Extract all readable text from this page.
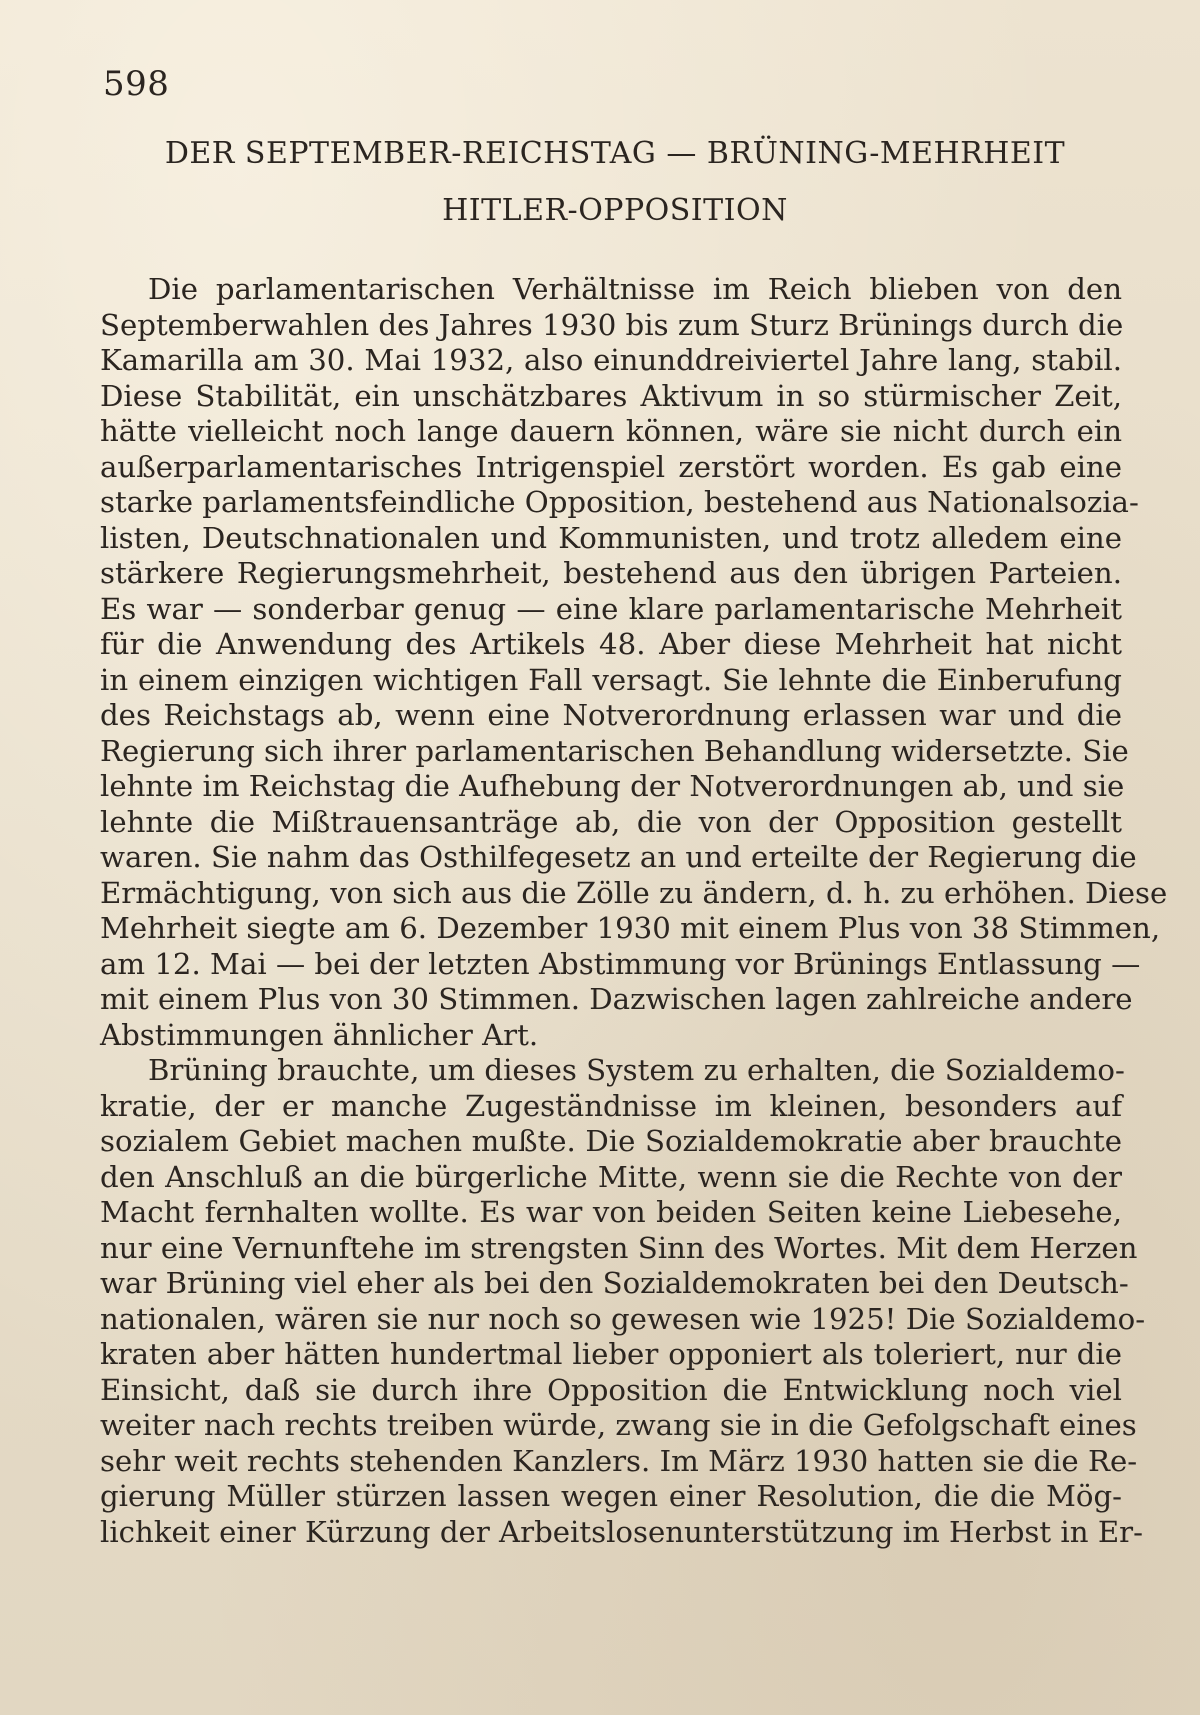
598
DER SEPTEMBER-REICHSTAG — BRÜNING-MEHRHEIT
HITLER-OPPOSITION
Die parlamentarischen Verhältnisse im Reich blieben von den
Septemberwahlen des Jahres 1930 bis zum Sturz Brünings durch die
Kamarilla am 30. Mai 1932, also einunddreiviertel Jahre lang, stabil.
Diese Stabilität, ein unschätzbares Aktivum in so stürmischer Zeit,
hätte vielleicht noch lange dauern können, wäre sie nicht durch ein
außerparlamentarisches Intrigenspiel zerstört worden. Es gab eine
starke parlamentsfeindliche Opposition, bestehend aus Nationalsozia-
listen, Deutschnationalen und Kommunisten, und trotz alledem eine
stärkere Regierungsmehrheit, bestehend aus den übrigen Parteien.
Es war — sonderbar genug — eine klare parlamentarische Mehrheit
für die Anwendung des Artikels 48. Aber diese Mehrheit hat nicht
in einem einzigen wichtigen Fall versagt. Sie lehnte die Einberufung
des Reichstags ab, wenn eine Notverordnung erlassen war und die
Regierung sich ihrer parlamentarischen Behandlung widersetzte. Sie
lehnte im Reichstag die Aufhebung der Notverordnungen ab, und sie
lehnte die Mißtrauensanträge ab, die von der Opposition gestellt
waren. Sie nahm das Osthilfegesetz an und erteilte der Regierung die
Ermächtigung, von sich aus die Zölle zu ändern, d. h. zu erhöhen. Diese
Mehrheit siegte am 6. Dezember 1930 mit einem Plus von 38 Stimmen,
am 12. Mai — bei der letzten Abstimmung vor Brünings Entlassung —
mit einem Plus von 30 Stimmen. Dazwischen lagen zahlreiche andere
Abstimmungen ähnlicher Art.
Brüning brauchte, um dieses System zu erhalten, die Sozialdemo-
kratie, der er manche Zugeständnisse im kleinen, besonders auf
sozialem Gebiet machen mußte. Die Sozialdemokratie aber brauchte
den Anschluß an die bürgerliche Mitte, wenn sie die Rechte von der
Macht fernhalten wollte. Es war von beiden Seiten keine Liebesehe,
nur eine Vernunftehe im strengsten Sinn des Wortes. Mit dem Herzen
war Brüning viel eher als bei den Sozialdemokraten bei den Deutsch-
nationalen, wären sie nur noch so gewesen wie 1925! Die Sozialdemo-
kraten aber hätten hundertmal lieber opponiert als toleriert, nur die
Einsicht, daß sie durch ihre Opposition die Entwicklung noch viel
weiter nach rechts treiben würde, zwang sie in die Gefolgschaft eines
sehr weit rechts stehenden Kanzlers. Im März 1930 hatten sie die Re-
gierung Müller stürzen lassen wegen einer Resolution, die die Mög-
lichkeit einer Kürzung der Arbeitslosenunterstützung im Herbst in Er-
